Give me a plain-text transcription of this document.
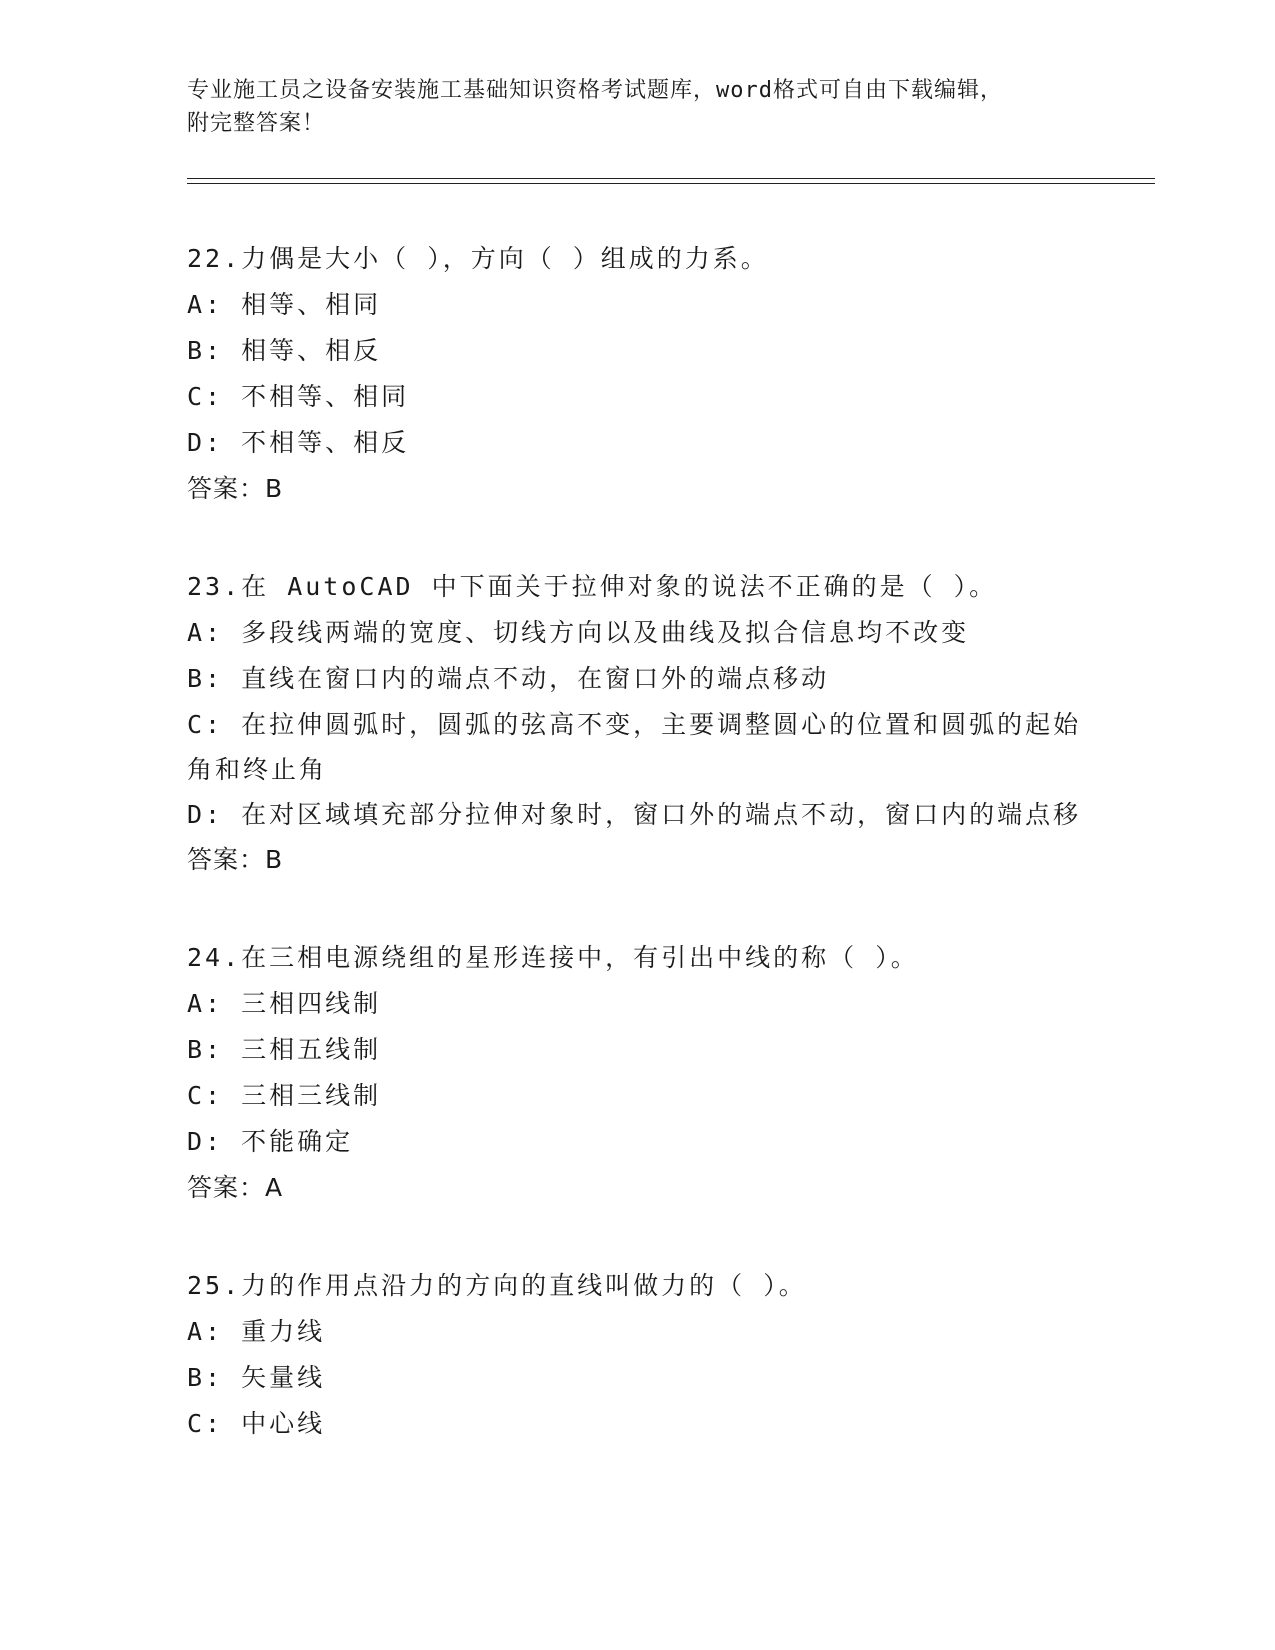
专业施工员之设备安装施工基础知识资格考试题库，word格式可自由下载编辑，
附完整答案！
22.力偶是大小（ ），方向（ ）组成的力系。
A: 相等、相同
B: 相等、相反
C: 不相等、相同
D: 不相等、相反
答案：B
23.在 AutoCAD 中下面关于拉伸对象的说法不正确的是（ ）。
A: 多段线两端的宽度、切线方向以及曲线及拟合信息均不改变
B: 直线在窗口内的端点不动，在窗口外的端点移动
C: 在拉伸圆弧时，圆弧的弦高不变，主要调整圆心的位置和圆弧的起始角和终止角
D: 在对区域填充部分拉伸对象时，窗口外的端点不动，窗口内的端点移
答案：B
24.在三相电源绕组的星形连接中，有引出中线的称（ ）。
A: 三相四线制
B: 三相五线制
C: 三相三线制
D: 不能确定
答案：A
25.力的作用点沿力的方向的直线叫做力的（ ）。
A: 重力线
B: 矢量线
C: 中心线
